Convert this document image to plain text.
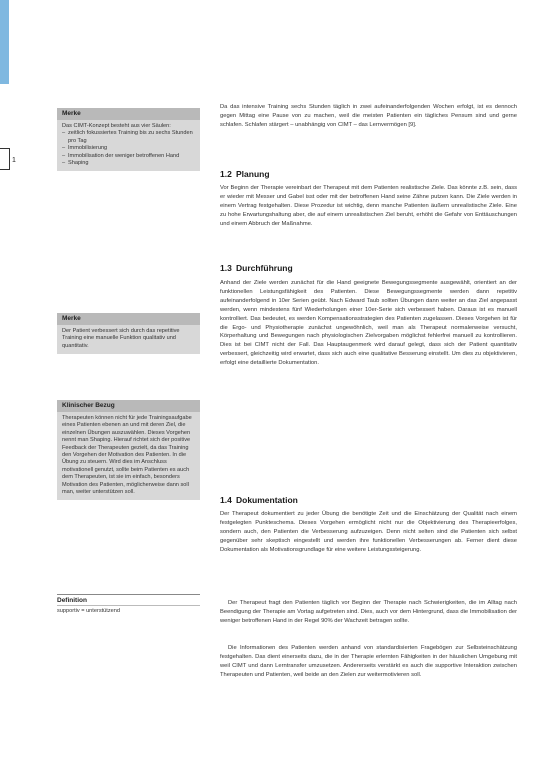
1
Merke
Das CIMT-Konzept besteht aus vier Säulen:
– zeitlich fokussiertes Training bis zu sechs Stunden pro Tag
– Immobilisierung
– Immobilisation der weniger betroffenen Hand
– Shaping
Merke
Der Patient verbessert sich durch das repetitive Training eine manuelle Funktion qualitativ und quantitativ.
Klinischer Bezug
Therapeuten können nicht für jede Trainingsaufgabe eines Patienten ebenen an und mit deren Ziel, die einzelnen Übungen auszuwählen. Dieses Vorgehen nennt man Shaping. Hierauf richtet sich der positive Feedback der Therapeuten gezielt, da das Training den Vorgehen der Motivation des Patienten. In die Übung zu steuern. Wird dies im Anschluss motivationell genutzt, sollte beim Patienten es auch dem Therapeuten, ist sie im einfach, besonders Motivation des Patienten, möglicherweise dann soll man, weiter unterstützen soll.
Definition
supportiv = unterstützend

Da das intensive Training sechs Stunden täglich in zwei aufeinanderfolgenden Wochen erfolgt, ist es dennoch gegen Mittag eine Pause von zu machen, weil die meisten Patienten ein tägliches Pensum sind und gerne schlafen. Schlafen stärgert – unabhängig von CIMT – das Lernvermögen [9].

1.2 Planung

Vor Beginn der Therapie vereinbart der Therapeut mit dem Patienten realistische Ziele. Das könnte z.B. sein, dass er wieder mit Messer und Gabel isst oder mit der betroffenen Hand seine Zähne putzen kann. Die Ziele werden in einem Vertrag festgehalten. Diese Prozedur ist wichtig, denn manche Patienten äußern unrealistische Ziele. Eine zu hohe Erwartungshaltung aber, die auf einem unrealistischen Ziel beruht, erhöht die Gefahr von Enttäuschungen und einem Abbruch der Maßnahme.

1.3 Durchführung

Anhand der Ziele werden zunächst für die Hand geeignete Bewegungssegmente ausgewählt, orientiert an der funktionellen Leistungsfähigkeit des Patienten. Diese Bewegungssegmente werden dann repetitiv aufeinanderfolgend in 10er Serien geübt. Nach Edward Taub sollten Übungen dann weiter an das Ziel angepasst werden, wenn mindestens fünf Wiederholungen einer 10er-Serie sich verbessert haben. Daraus ist es manuell kontrolliert. Das bedeutet, es werden Kompensationsstrategien des Patienten zugelassen. Dieses Vorgehen ist für die Ergo- und Physiotherapie zunächst ungewöhnlich, weil man als Therapeut normalerweise versucht, Körperhaltung und Bewegungen nach physiologischen Zielvorgaben möglichst fehlerfrei manuell zu kontrollieren. Dies ist bei CIMT nicht der Fall. Das Hauptaugenmerk wird darauf gelegt, dass sich der Patient quantitativ verbessert, gleichzeitig wird erwartet, dass sich auch eine qualitative Besserung einstellt. Um dies zu objektivieren, erfolgt eine detaillierte Dokumentation.

1.4 Dokumentation

Der Therapeut dokumentiert zu jeder Übung die benötigte Zeit und die Einschätzung der Qualität nach einem festgelegten Punkteschema. Dieses Vorgehen ermöglicht nicht nur die Objektivierung des Therapieerfolges, sondern auch, den Patienten die Verbesserung aufzuzeigen. Denn nicht selten sind die Patienten sich selbst gegenüber sehr skeptisch eingestellt und werden ihre funktionellen Verbesserungen ab. Ferner dient diese Dokumentation als Motivationsgrundlage für eine weitere Leistungssteigerung.

Der Therapeut fragt den Patienten täglich vor Beginn der Therapie nach Schwierigkeiten, die im Alltag nach Beendigung der Therapie am Vortag aufgetreten sind. Dies, auch vor dem Hintergrund, dass die Immobilisation der weniger betroffenen Hand in der Regel 90% der Wachzeit betragen sollte.

Die Informationen des Patienten werden anhand von standardisierten Fragebögen zur Selbsteinschätzung festgehalten. Das dient einerseits dazu, die in der Therapie erlernten Fähigkeiten in der häuslichen Umgebung mit weil CIMT und dann Lerntransfer umzusetzen. Andererseits verstärkt es auch die supportive Interaktion zwischen Therapeuten und Patienten, weil beide an den Zielen zur weitermotivieren soll.
